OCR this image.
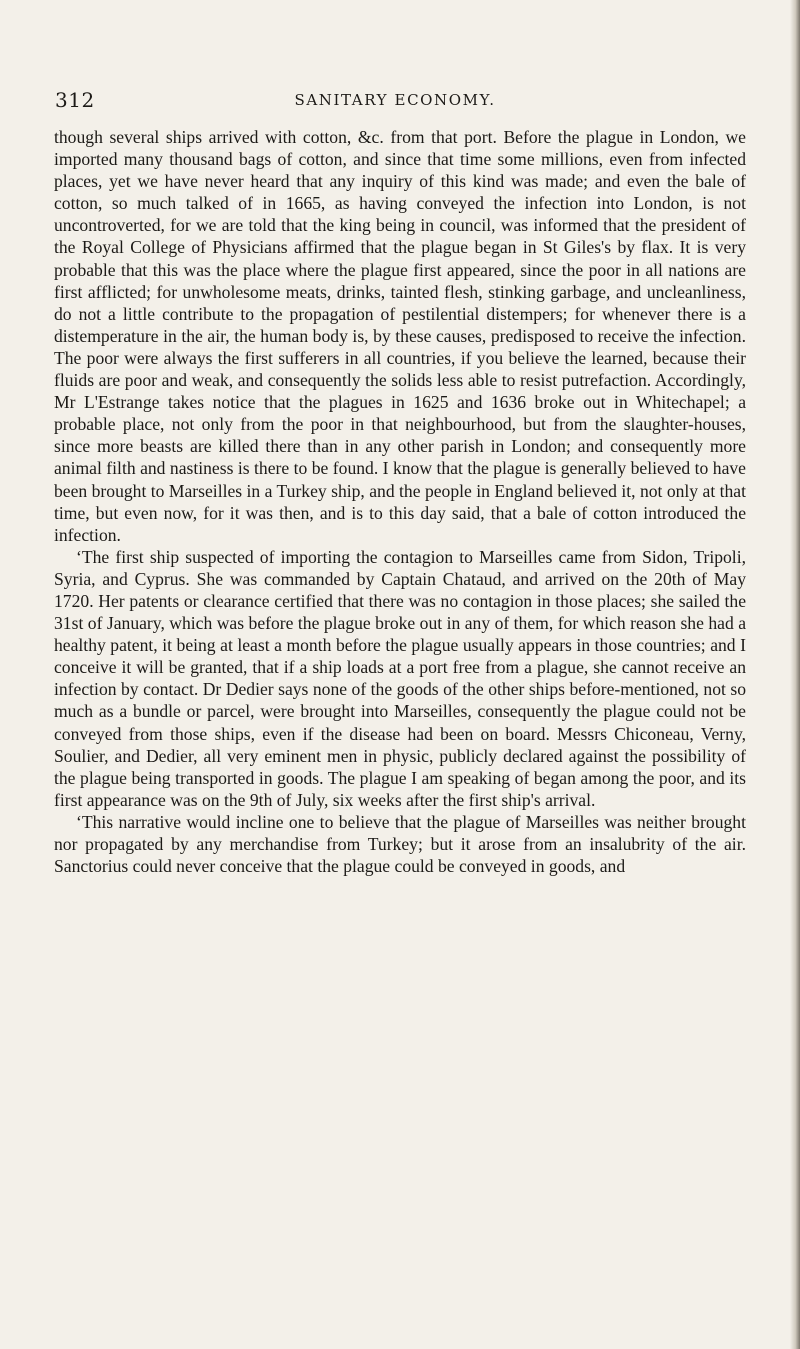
312	SANITARY ECONOMY.

though several ships arrived with cotton, &c. from that port. Before the plague in London, we imported many thousand bags of cotton, and since that time some millions, even from infected places, yet we have never heard that any inquiry of this kind was made; and even the bale of cotton, so much talked of in 1665, as having conveyed the infection into London, is not uncontroverted, for we are told that the king being in council, was informed that the president of the Royal College of Physicians affirmed that the plague began in St Giles's by flax. It is very probable that this was the place where the plague first appeared, since the poor in all nations are first afflicted; for unwholesome meats, drinks, tainted flesh, stinking garbage, and uncleanliness, do not a little contribute to the propagation of pestilential distempers; for whenever there is a distemperature in the air, the human body is, by these causes, predisposed to receive the infection. The poor were always the first sufferers in all countries, if you believe the learned, because their fluids are poor and weak, and consequently the solids less able to resist putrefaction. Accordingly, Mr L'Estrange takes notice that the plagues in 1625 and 1636 broke out in Whitechapel; a probable place, not only from the poor in that neighbourhood, but from the slaughter-houses, since more beasts are killed there than in any other parish in London; and consequently more animal filth and nastiness is there to be found. I know that the plague is generally believed to have been brought to Marseilles in a Turkey ship, and the people in England believed it, not only at that time, but even now, for it was then, and is to this day said, that a bale of cotton introduced the infection.

‘The first ship suspected of importing the contagion to Marseilles came from Sidon, Tripoli, Syria, and Cyprus. She was commanded by Captain Chataud, and arrived on the 20th of May 1720. Her patents or clearance certified that there was no contagion in those places; she sailed the 31st of January, which was before the plague broke out in any of them, for which reason she had a healthy patent, it being at least a month before the plague usually appears in those countries; and I conceive it will be granted, that if a ship loads at a port free from a plague, she cannot receive an infection by contact. Dr Dedier says none of the goods of the other ships before-mentioned, not so much as a bundle or parcel, were brought into Marseilles, consequently the plague could not be conveyed from those ships, even if the disease had been on board. Messrs Chiconeau, Verny, Soulier, and Dedier, all very eminent men in physic, publicly declared against the possibility of the plague being transported in goods. The plague I am speaking of began among the poor, and its first appearance was on the 9th of July, six weeks after the first ship's arrival.

‘This narrative would incline one to believe that the plague of Marseilles was neither brought nor propagated by any merchandise from Turkey; but it arose from an insalubrity of the air. Sanctorius could never conceive that the plague could be conveyed in goods, and
